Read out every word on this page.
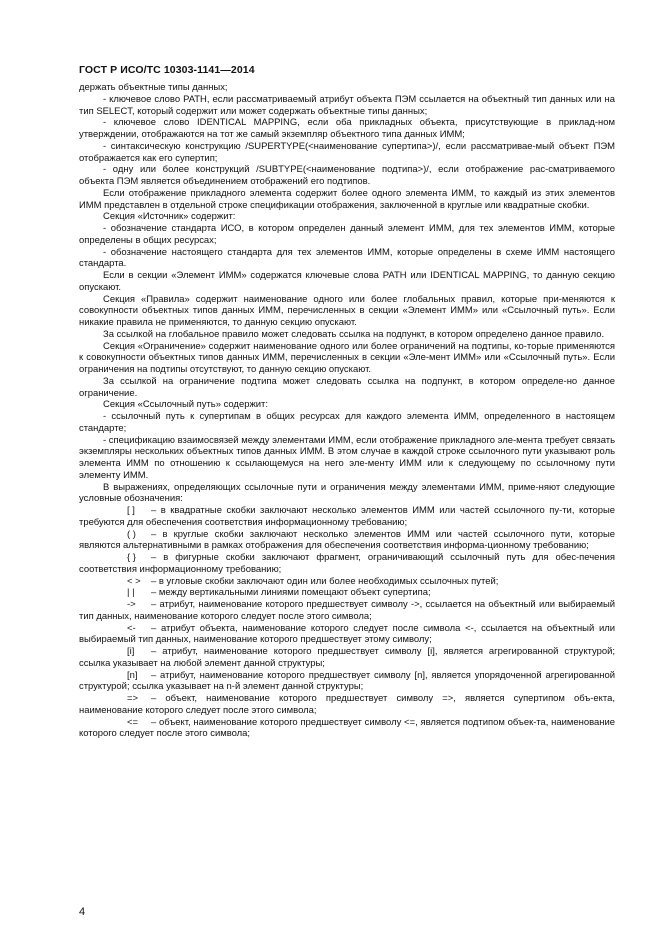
ГОСТ Р ИСО/ТС 10303-1141—2014

держать объектные типы данных;

- ключевое слово PATH, если рассматриваемый атрибут объекта ПЭМ ссылается на объектный тип данных или на тип SELECT, который содержит или может содержать объектные типы данных;

- ключевое слово IDENTICAL MAPPING, если оба прикладных объекта, присутствующие в приклад-ном утверждении, отображаются на тот же самый экземпляр объектного типа данных ИММ;

- синтаксическую конструкцию /SUPERTYPE(<наименование супертипа>)/, если рассматривае-мый объект ПЭМ отображается как его супертип;

- одну или более конструкций /SUBTYPE(<наименование подтипа>)/, если отображение рас-сматриваемого объекта ПЭМ является объединением отображений его подтипов.

Если отображение прикладного элемента содержит более одного элемента ИММ, то каждый из этих элементов ИММ представлен в отдельной строке спецификации отображения, заключенной в круглые или квадратные скобки.

Секция «Источник» содержит:

- обозначение стандарта ИСО, в котором определен данный элемент ИММ, для тех элементов ИММ, которые определены в общих ресурсах;

- обозначение настоящего стандарта для тех элементов ИММ, которые определены в схеме ИММ настоящего стандарта.

Если в секции «Элемент ИММ» содержатся ключевые слова PATH или IDENTICAL MAPPING, то данную секцию опускают.

Секция «Правила» содержит наименование одного или более глобальных правил, которые при-меняются к совокупности объектных типов данных ИММ, перечисленных в секции «Элемент ИММ» или «Ссылочный путь». Если никакие правила не применяются, то данную секцию опускают.

За ссылкой на глобальное правило может следовать ссылка на подпункт, в котором определено данное правило.

Секция «Ограничение» содержит наименование одного или более ограничений на подтипы, ко-торые применяются к совокупности объектных типов данных ИММ, перечисленных в секции «Эле-мент ИММ» или «Ссылочный путь». Если ограничения на подтипы отсутствуют, то данную секцию опускают.

За ссылкой на ограничение подтипа может следовать ссылка на подпункт, в котором определе-но данное ограничение.

Секция «Ссылочный путь» содержит:

- ссылочный путь к супертипам в общих ресурсах для каждого элемента ИММ, определенного в настоящем стандарте;

- спецификацию взаимосвязей между элементами ИММ, если отображение прикладного эле-мента требует связать экземпляры нескольких объектных типов данных ИММ. В этом случае в каждой строке ссылочного пути указывают роль элемента ИММ по отношению к ссылающемуся на него эле-менту ИММ или к следующему по ссылочному пути элементу ИММ.

В выражениях, определяющих ссылочные пути и ограничения между элементами ИММ, приме-няют следующие условные обозначения:

[ ] – в квадратные скобки заключают несколько элементов ИММ или частей ссылочного пу-ти, которые требуются для обеспечения соответствия информационному требованию;

( ) – в круглые скобки заключают несколько элементов ИММ или частей ссылочного пути, которые являются альтернативными в рамках отображения для обеспечения соответствия информа-ционному требованию;

{ } – в фигурные скобки заключают фрагмент, ограничивающий ссылочный путь для обес-печения соответствия информационному требованию;

< > – в угловые скобки заключают один или более необходимых ссылочных путей;

| | – между вертикальными линиями помещают объект супертипа;

-> – атрибут, наименование которого предшествует символу ->, ссылается на объектный или выбираемый тип данных, наименование которого следует после этого символа;

<- – атрибут объекта, наименование которого следует после символа <-, ссылается на объектный или выбираемый тип данных, наименование которого предшествует этому символу;

[i] – атрибут, наименование которого предшествует символу [i], является агрегированной структурой; ссылка указывает на любой элемент данной структуры;

[n] – атрибут, наименование которого предшествует символу [n], является упорядоченной агрегированной структурой; ссылка указывает на n-й элемент данной структуры;

=> – объект, наименование которого предшествует символу =>, является супертипом объ-екта, наименование которого следует после этого символа;

<= – объект, наименование которого предшествует символу <=, является подтипом объек-та, наименование которого следует после этого символа;

4
